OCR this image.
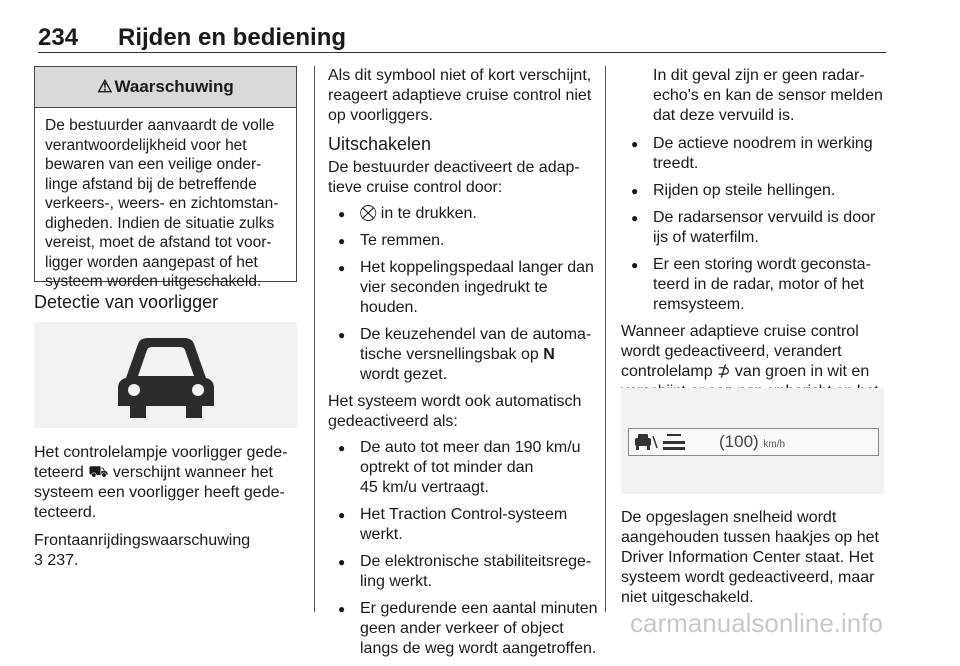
234 Rijden en bediening
⚠ Waarschuwing
De bestuurder aanvaardt de volle verantwoordelijkheid voor het bewaren van een veilige onder- linge afstand bij de betreffende verkeers-, weers- en zichtomstan- digheden. Indien de situatie zulks vereist, moet de afstand tot voor- ligger worden aangepast of het systeem worden uitgeschakeld.
Detectie van voorligger

Het controlelampje voorligger gede-
teteerd ⛟ verschijnt wanneer het
systeem een voorligger heeft gede-
tecteerd.

Frontaanrijdingswaarschuwing
3 237.

Als dit symbool niet of kort verschijnt,
reageert adaptieve cruise control niet
op voorliggers.

Uitschakelen

De bestuurder deactiveert de adap-
tieve cruise control door:

● ⛒ in te drukken.
● Te remmen.
● Het koppelingspedaal langer dan
vier seconden ingedrukt te
houden.
● De keuzehendel van de automa-
tische versnellingsbak op N
wordt gezet.

Het systeem wordt ook automatisch
gedeactiveerd als:

● De auto tot meer dan 190 km/u
optrekt of tot minder dan
45 km/u vertraagt.
● Het Traction Control-systeem
werkt.
● De elektronische stabiliteitsrege-
ling werkt.
● Er gedurende een aantal minuten
geen ander verkeer of object
langs de weg wordt aangetroffen.

In dit geval zijn er geen radar-
echo's en kan de sensor melden
dat deze vervuild is.

● De actieve noodrem in werking
treedt.
● Rijden op steile hellingen.
● De radarsensor vervuild is door
ijs of waterfilm.
● Er een storing wordt geconsta-
teerd in de radar, motor of het
remsysteem.

Wanneer adaptieve cruise control
wordt gedeactiveerd, verandert
controlelamp ⊅ van groen in wit en

(100) km/h

De opgeslagen snelheid wordt
aangehouden tussen haakjes op het
Driver Information Center staat. Het
systeem wordt gedeactiveerd, maar
niet uitgeschakeld.

carmanualsonline.info
